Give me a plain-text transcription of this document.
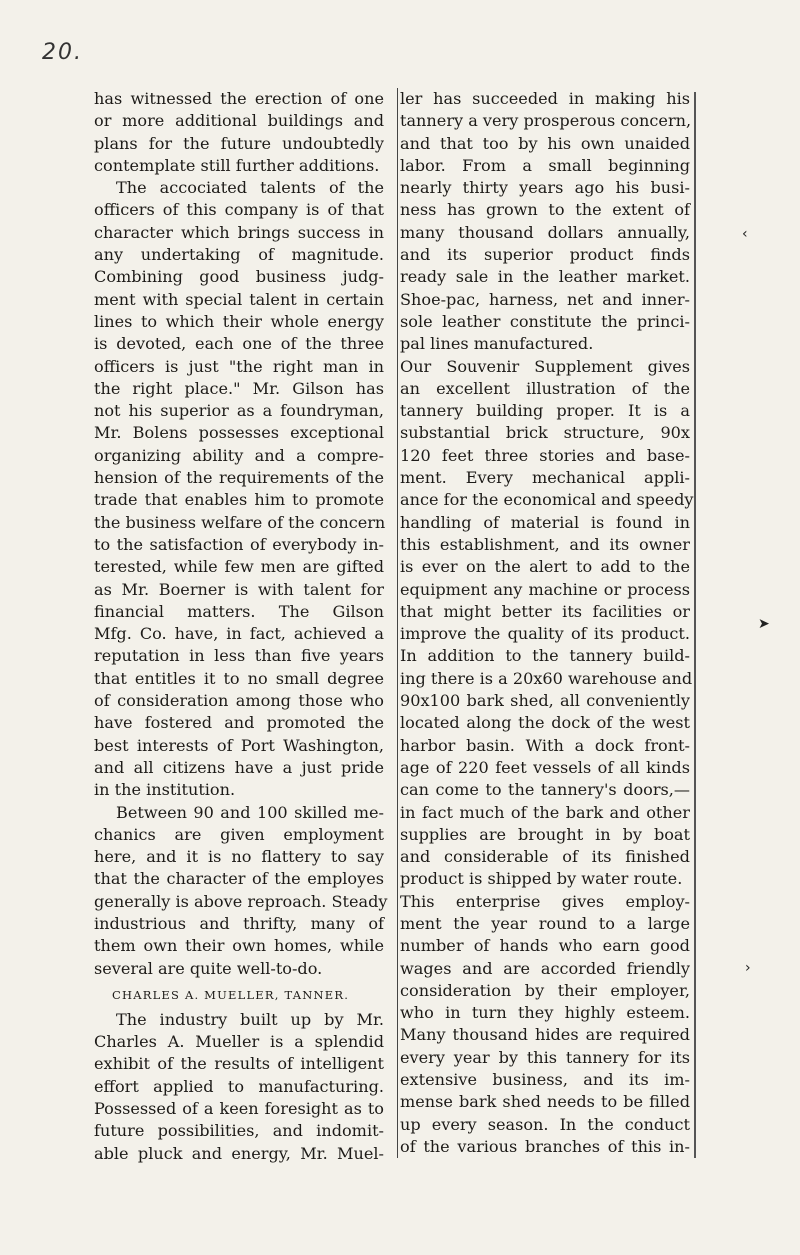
20.
has witnessed the erection of one
or more additional buildings and
plans for the future undoubtedly
contemplate still further additions.
The accociated talents of the
officers of this company is of that
character which brings success in
any undertaking of magnitude.
Combining good business judg-
ment with special talent in certain
lines to which their whole energy
is devoted, each one of the three
officers is just "the right man in
the right place." Mr. Gilson has
not his superior as a foundryman,
Mr. Bolens possesses exceptional
organizing ability and a compre-
hension of the requirements of the
trade that enables him to promote
the business welfare of the concern
to the satisfaction of everybody in-
terested, while few men are gifted
as Mr. Boerner is with talent for
financial matters. The Gilson
Mfg. Co. have, in fact, achieved a
reputation in less than five years
that entitles it to no small degree
of consideration among those who
have fostered and promoted the
best interests of Port Washington,
and all citizens have a just pride
in the institution.
Between 90 and 100 skilled me-
chanics are given employment
here, and it is no flattery to say
that the character of the employes
generally is above reproach. Steady
industrious and thrifty, many of
them own their own homes, while
several are quite well-to-do.
CHARLES A. MUELLER, TANNER.
The industry built up by Mr.
Charles A. Mueller is a splendid
exhibit of the results of intelligent
effort applied to manufacturing.
Possessed of a keen foresight as to
future possibilities, and indomit-
able pluck and energy, Mr. Muel-
ler has succeeded in making his
tannery a very prosperous concern,
and that too by his own unaided
labor. From a small beginning
nearly thirty years ago his busi-
ness has grown to the extent of
many thousand dollars annually,
and its superior product finds
ready sale in the leather market.
Shoe-pac, harness, net and inner-
sole leather constitute the princi-
pal lines manufactured.
Our Souvenir Supplement gives
an excellent illustration of the
tannery building proper. It is a
substantial brick structure, 90x
120 feet three stories and base-
ment. Every mechanical appli-
ance for the economical and speedy
handling of material is found in
this establishment, and its owner
is ever on the alert to add to the
equipment any machine or process
that might better its facilities or
improve the quality of its product.
In addition to the tannery build-
ing there is a 20x60 warehouse and
90x100 bark shed, all conveniently
located along the dock of the west
harbor basin. With a dock front-
age of 220 feet vessels of all kinds
can come to the tannery's doors,—
in fact much of the bark and other
supplies are brought in by boat
and considerable of its finished
product is shipped by water route.
This enterprise gives employ-
ment the year round to a large
number of hands who earn good
wages and are accorded friendly
consideration by their employer,
who in turn they highly esteem.
Many thousand hides are required
every year by this tannery for its
extensive business, and its im-
mense bark shed needs to be filled
up every season. In the conduct
of the various branches of this in-
‹
➤
›
